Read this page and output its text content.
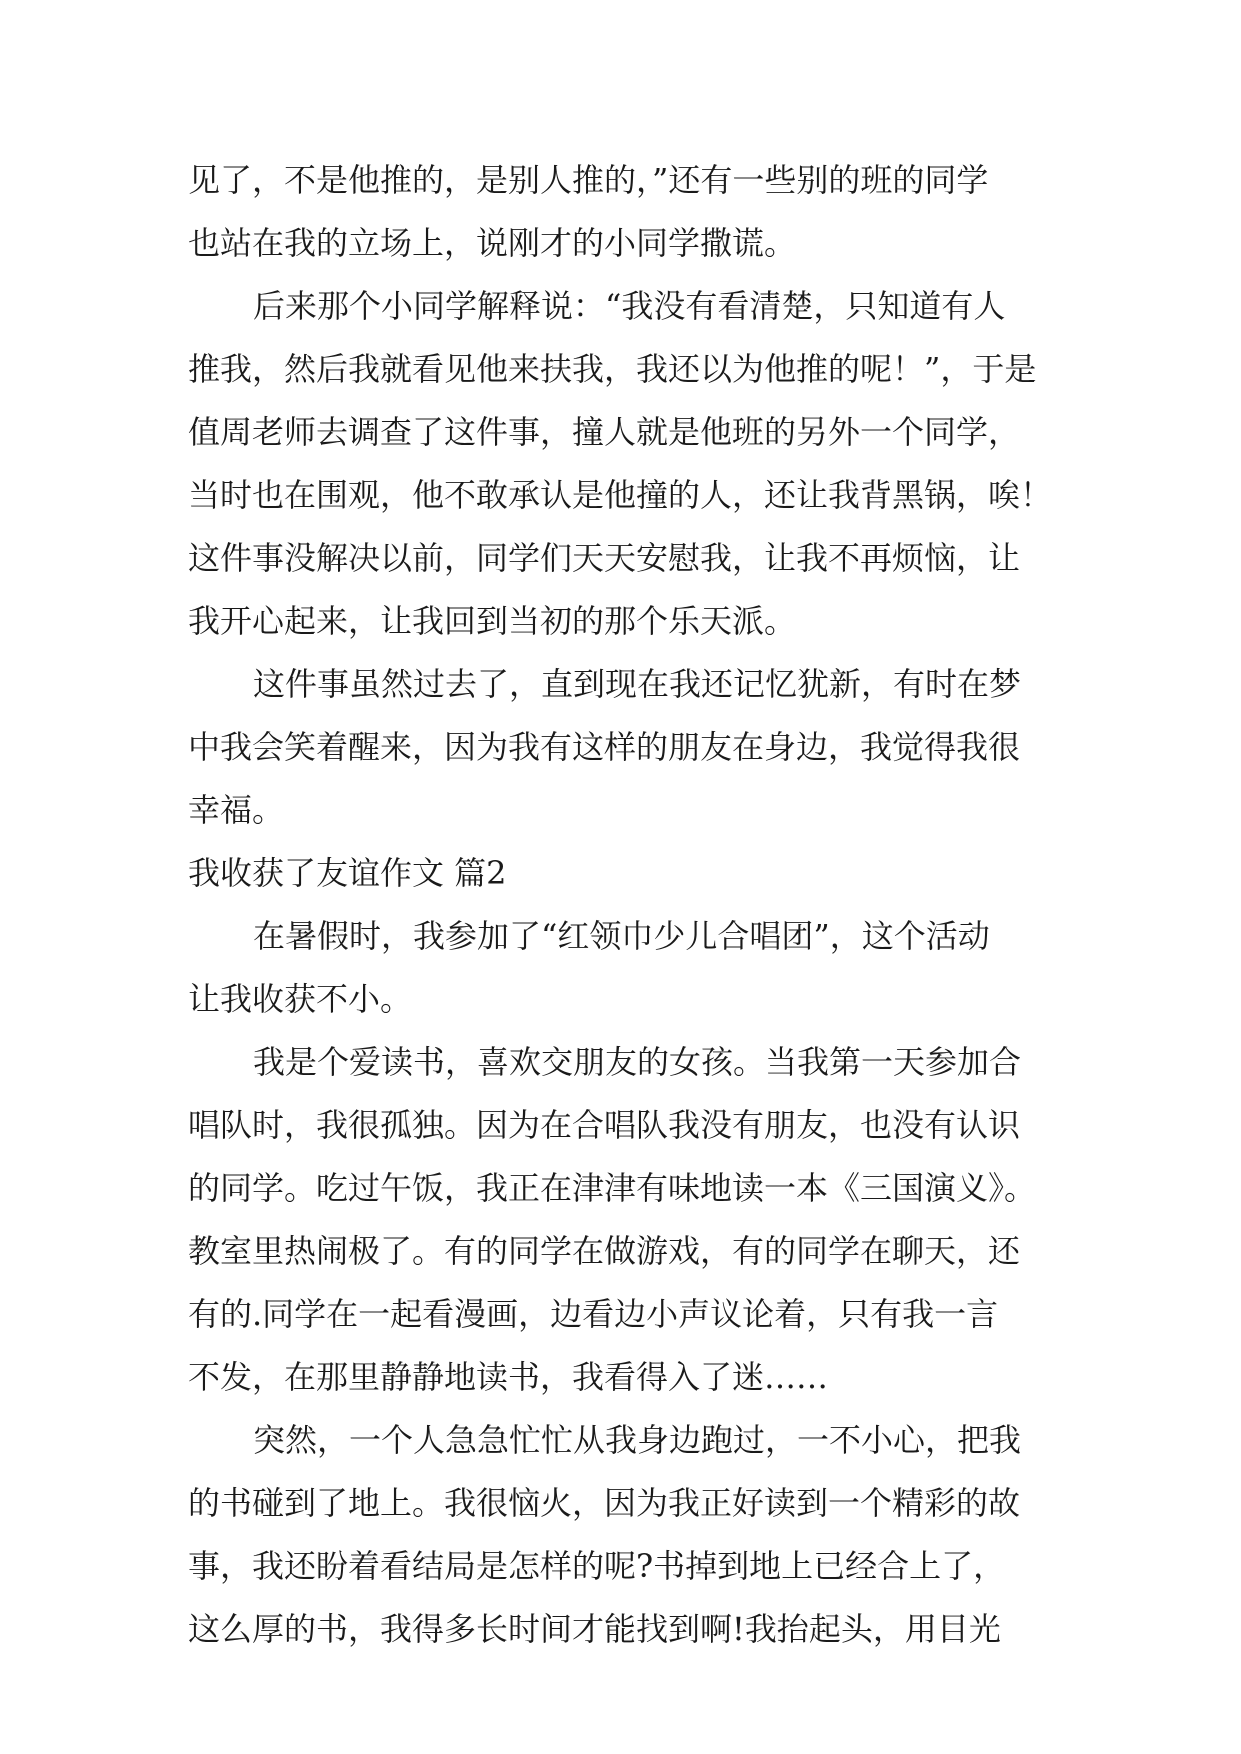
见了，不是他推的，是别人推的，”还有一些别的班的同学
也站在我的立场上，说刚才的小同学撒谎。
后来那个小同学解释说：“我没有看清楚，只知道有人
推我，然后我就看见他来扶我，我还以为他推的呢！”，于是
值周老师去调查了这件事，撞人就是他班的另外一个同学，
当时也在围观，他不敢承认是他撞的人，还让我背黑锅，唉！
这件事没解决以前，同学们天天安慰我，让我不再烦恼，让
我开心起来，让我回到当初的那个乐天派。
这件事虽然过去了，直到现在我还记忆犹新，有时在梦
中我会笑着醒来，因为我有这样的朋友在身边，我觉得我很
幸福。
我收获了友谊作文 篇2
在暑假时，我参加了“红领巾少儿合唱团”，这个活动
让我收获不小。
我是个爱读书，喜欢交朋友的女孩。当我第一天参加合
唱队时，我很孤独。因为在合唱队我没有朋友，也没有认识
的同学。吃过午饭，我正在津津有味地读一本《三国演义》。
教室里热闹极了。有的同学在做游戏，有的同学在聊天，还
有的.同学在一起看漫画，边看边小声议论着，只有我一言
不发，在那里静静地读书，我看得入了迷……
突然，一个人急急忙忙从我身边跑过，一不小心，把我
的书碰到了地上。我很恼火，因为我正好读到一个精彩的故
事，我还盼着看结局是怎样的呢?书掉到地上已经合上了，
这么厚的书，我得多长时间才能找到啊!我抬起头，用目光
